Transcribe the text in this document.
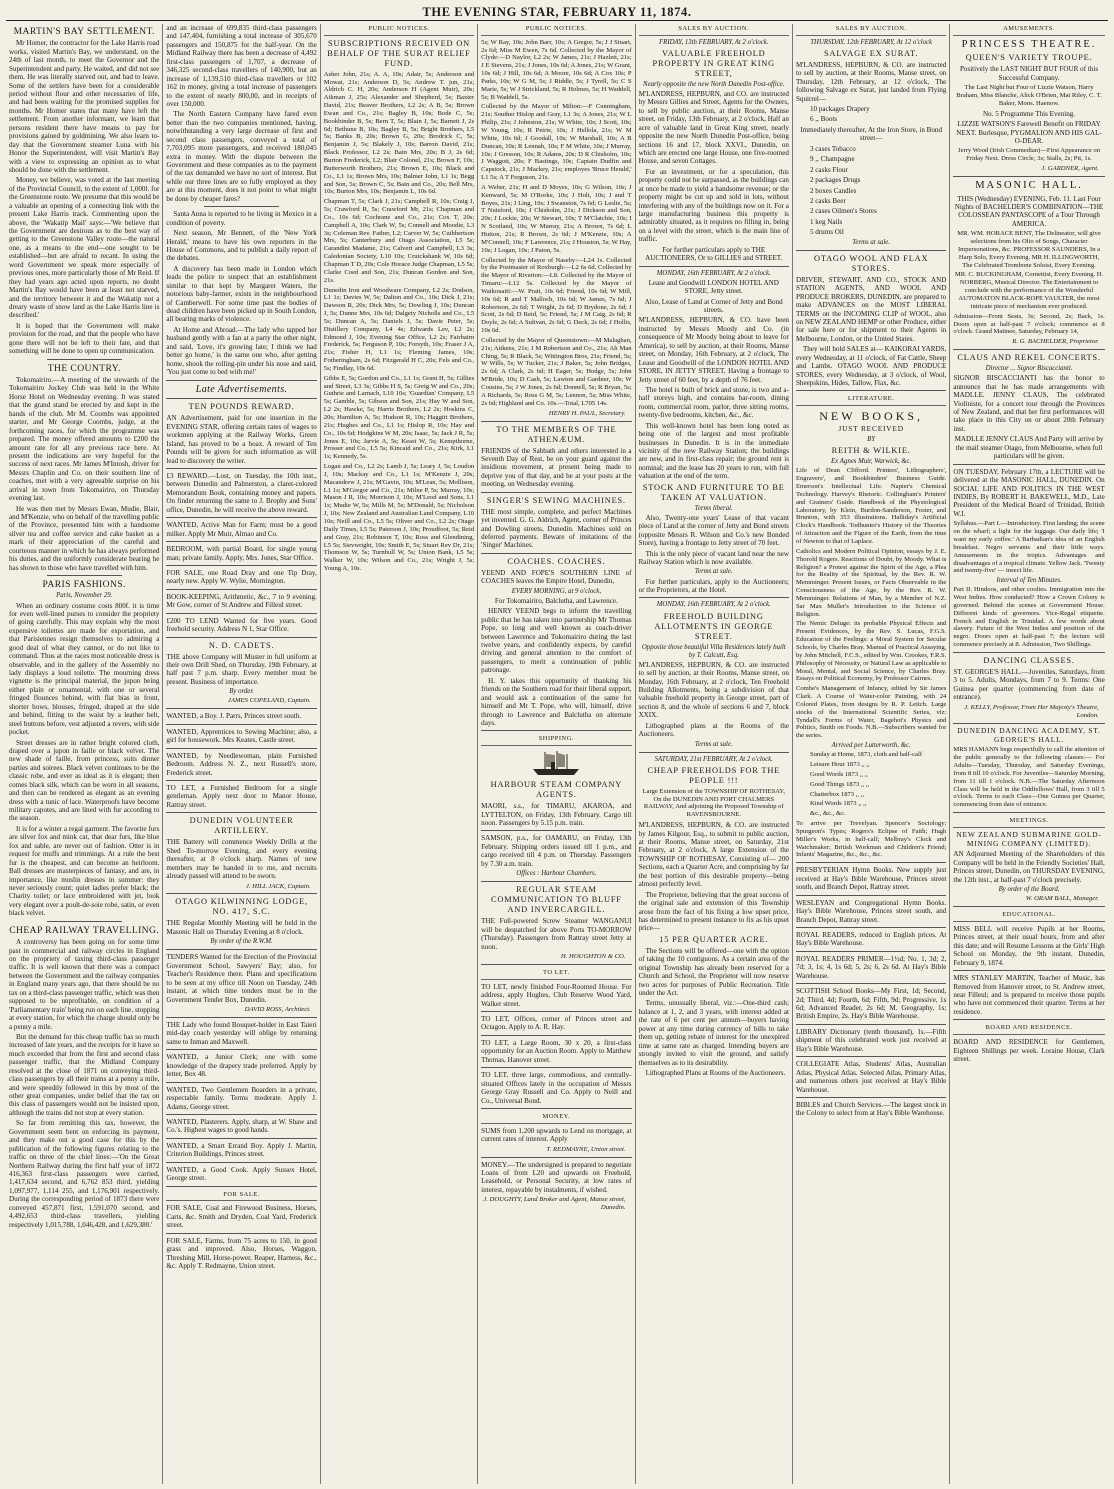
THE EVENING STAR, FEBRUARY 11, 1874.
MARTIN'S BAY SETTLEMENT.

Mr Homer, the contractor for the Lake Harris road works, visited Martin's Bay, we understand, on the 24th of last month, to meet the Governor and the Superintendent and party. He waited, and did not see them. He was literally starved out, and had to leave. Some of the settlers have been for a considerable period without flour and other necessaries of life, and had been waiting for the promised supplies for months. Mr Homer states that many have left the settlement. From another informant, we learn that persons resident there have means to pay for provisions gained by goldmining. We also learn to-day that the Government steamer Luna with his Honor the Superintendent, will visit Martin's Bay with a view to expressing an opinion as to what should be done with the settlement.

Money, we believe, was voted at the last meeting of the Provincial Council, to the extent of 1,000l. for the Greenstone route. We presume that this would be a valuable an opening of a connecting link with the present Lake Harris track. Commenting upon the above, the 'Wakatip Mail' says:—'We believe that the Government are desirous as to the best way of getting to the Greenstone Valley route—the natural one, as a means to the end—one sought to be established—but are afraid to recant. In using the word Government we speak more especially of previous ones, more particularly those of Mr Reid. If they had years ago acted upon reports, no doubt Martin's Bay would have been at least not starved, and the territory between it and the Wakatip not a dreary waste of snow land as the Lake Harris line is described.'

It is hoped that the Government will make provision for the road, and that the people who have gone there will not be left to their fate, and that something will be done to open up communication.

THE COUNTRY.

Tokomairiro.—A meeting of the stewards of the Tokomairiro Jockey Club was held in the White Horse Hotel on Wednesday evening. It was stated that the grand stand be erected by and kept in the hands of the club. Mr M. Coombs was appointed starter, and Mr George Coombs, judge, at the forthcoming races, for which the programme was prepared. The money offered amounts to £200 the amount rate for all any previous race here. At present the indications are very hopeful for the success of next races. Mr James M'Intosh, driver for Messrs Chaplin and Co. on their southern line of coaches, met with a very agreeable surprise on his arrival in town from Tokomairiro, on Thursday evening last.

He was then met by Messrs Ewan, Mudie, Blair, and M'Kenzie, who on behalf of the travelling public of the Province, presented him with a handsome silver tea and coffee service and cake basket as a mark of their appreciation of the careful and courteous manner in which he has always performed his duties, and the uniformly considerate bearing he has shown to those who have travelled with him.

PARIS FASHIONS.
Paris, November 29.

When an ordinary costume costs 800f. it is time for even well-lined purses to consider the propriety of going carefully. This may explain why the most expensive toilettes are made for exportation, and that Parisiennes resign themselves to admiring a good deal of what they cannot, or do not like to command. Thus at the races most noticeable dress is observable, and in the gallery of the Assembly no lady displays a loud toilette. The mourning dress vignette is the principal material, the jupon being either plain or ornamental, with one or several fringed flounces behind, with flat bias in front, shorter bows, blouses, fringed, draped at the side and behind, fitting to the waist by a leather belt, steel buttons before, vest adjusted a revers, with side pocket.

Street dresses are in rather bright colored cloth, draped over a jupon in faille or black velvet. The new shade of faille, from princess, suits dinner parties and soirees. Black velvet continues to be the classic robe, and ever as ideal as it is elegant; then comes black silk, which can be worn in all seasons, and then can be rendered as elegant as an evening dress with a tunic of lace. Waterproofs have become military capotes, and are lined with fur according to the season.

It is for a winter a regal garment. The favorite furs are silver fox and mink cat, that dear furs, like blue fox and sable, are never out of fashion. Otter is in request for muffs and trimmings. At a rule the best fur is the cheapest, and can become an heirloom. Ball dresses are masterpieces of fantasy, and are, in importance, like muslin dresses in summer: they never seriously count; quiet ladies prefer black; the Charity toilet; or lace embroidered with jet, look very elegant over a poult-de-soie robe, satin, or even black velvet.

CHEAP RAILWAY TRAVELLING.

A controversy has been going on for some time past in commercial and railway circles in England on the propriety of taxing third-class passenger traffic. It is well known that there was a compact between the Government and the railway companies in England many years ago, that there should be no tax on a third-class passenger traffic, which was then supposed to be unprofitable, on condition of a 'Parliamentary train' being run on each line, stopping at every station, for which the charge should only be a penny a mile.

But the demand for this cheap traffic has so much increased of late years, and the receipts for it have so much exceeded that from the first and second class passenger traffic, that the Midland Company resolved at the close of 1871 on conveying third-class passengers by all their trains at a penny a mile, and were speedily followed in this by most of the other great companies, under belief that the tax on this class of passengers would not be insisted upon, although the trains did not stop at every station.

So far from remitting this tax, however, the Government seem bent on enforcing its payment, and they make out a good case for this by the publication of the following figures relating to the traffic on three of the chief lines:—'On the Great Northern Railway during the first half year of 1872 416,363 first-class passengers were carried, 1,417,634 second, and 6,762 853 third, yielding 1,097,977, 1,114 255, and 1,176,901 respectively. During the corresponding period of 1873 there were conveyed 457,871 first, 1,591,070 second, and 4,492,653 third-class travellers, yielding respectively 1,015,788, 1,046,428, and 1,629,380.'

and an increase of 699,835 third-class passengers and 147,404, furnishing a total increase of 305,670 passengers and 150,875 for the half-year. On the Midland Railway there has been a decrease of 4,492 first-class passengers of 1,707, a decrease of 346,325 second-class travellers of 140,900, but an increase of 1,139,510 third-class travellers or 102 162 in money, giving a total increase of passengers to the extent of nearly 800,00, and in receipts of over 150,000.

The North Eastern Company have fared even better than the two companies mentioned, having, notwithstanding a very large decrease of first and second class passengers, conveyed a total of 7,703,095 more passengers, and received 180,045 extra in money. With the dispute between the Government and these companies as to the payment of the tax demanded we have no sort of interest. But while our three lines are so fully employed as they are at this moment, does it not point to what might be done by cheaper fares?

Santa Anna is reported to be living in Mexico in a condition of poverty.

Next season, Mr Bennett, of the 'New York Herald,' means to have his own reporters in the House of Commons, and to publish a daily report of the debates.

A discovery has been made in London which leads the police to suspect that an establishment similar to that kept by Margaret Waters, the notorious baby-farmer, exists in the neighbourhood of Camberwell. For some time past the bodies of dead children have been picked up in South London, all bearing marks of violence.

At Home and Abroad.—The lady who tapped her husband gently with a fan at a party the other night, and said, 'Love, it's growing late; I think we had better go home,' is the same one who, after getting home, shook the rolling-pin under his nose and said, 'You just come to bed with me!'

Late Advertisements.
TEN POUNDS REWARD.

AN Advertisement, paid for one insertion in the EVENING STAR, offering certain rates of wages to workmen applying at the Railway Works, Green Island, has proved to be a hoax. A reward of Ten Pounds will be given for such information as will lead to discovery the writer.

£3 REWARD.—Lost, on Tuesday, the 10th inst., between Dunedin and Palmerston, a claret-colored Memorandum Book, containing money and papers. On finder returning the same to J. Brophy and Sons' office, Dunedin, he will receive the above reward.

WANTED, Active Man for Farm; must be a good milker. Apply Mr Muir, Almao and Co.

BEDROOM, with partial Board, for single young man; private family. Apply, Mrs. Jones, Star Office.

FOR SALE, one Road Dray and one Tip Dray, nearly new. Apply W. Wylie, Mornington.

BOOK-KEEPING, Arithmetic, &c., 7 to 9 evening. Mr Gow, corner of St Andrew and Filleul street.

£200 TO LEND Wanted for five years. Good freehold security. Address N 1, Star Office.

N. D. CADETS.

THE above Company will Muster in full uniform at their own Drill Shed, on Thursday, 19th February, at half past 7 p.m. sharp. Every member must be present. Business of importance.

By order.
JAMES COPELAND, Captain.

WANTED, a Boy. J. Parrs, Princes street south.

WANTED, Apprentices to Sewing Machine; also, a girl for housework. Mrs Keates, Castle street.

WANTED, by Needlewoman, plain Furnished Bedroom. Address N. Z., next Russell's store, Frederick street.

TO LET, a Furnished Bedroom for a single gentleman. Apply next door to Manor House, Rattray street.

DUNEDIN VOLUNTEER ARTILLERY.

THE Battery will commence Weekly Drills at the Shed To-morrow Evening, and every evening thereafter, at 8 o'clock sharp. Names of new members may be handed in to me, and recruits already passed will attend to be sworn.

J. HILL JACK, Captain.
OTAGO KILWINNING LODGE, NO. 417, S.C.

THE Regular Monthly Meeting will be held in the Masonic Hall on Thursday Evening at 8 o'clock.

By order of the R.W.M.

TENDERS Wanted for the Erection of the Provincial Government School, Sawyers' Bay; also, for Teacher's Residence there. Plans and specifications to be seen at my office till Noon on Tuesday, 24th instant, at which time tenders must be in the Government Tender Box, Dunedin.

DAVID ROSS, Architect.

THE Lady who found Bouquet-holder in East Taieri mid-day coach yesterday will oblige by returning same to Inman and Maxwell.

WANTED, a Junior Clerk; one with some knowledge of the drapery trade preferred. Apply by letter, Box 48.

WANTED, Two Gentlemen Boarders in a private, respectable family. Terms moderate. Apply J. Adams, George street.

WANTED, Plasterers. Apply, sharp, at W. Shaw and Co.'s. Highest wages to good hands.

WANTED, a Smart Errand Boy. Apply J. Martin, Criterion Buildings, Princes street.

WANTED, a Good Cook. Apply Sussex Hotel, George street.

FOR SALE.

FOR SALE, Coal and Firewood Business, Horses, Carts, &c. Smith and Dryden, Coal Yard, Frederick street.

FOR SALE, Farms, from 75 acres to 150, in good grass and improved. Also, Horses, Waggon, Threshing Mill, Horse-power, Reaper, Harness, &c., &c. Apply T. Redmayne, Union street.

PUBLIC NOTICES.
SUBSCRIPTIONS RECEIVED ON BEHALF OF THE SURAT RELIEF FUND.

Asher John, 21s; A. A, 10s; Adair, 5s; Anderson and Mowat, 21s; Anderson D, 5s; Andrew T. jun, 21s; Aldrich C. H, 20s; Anderson H (Agent Muir), 20s; Aikman J, 25s; Alexander and Shepherd, 5s; Baxter David, 21s; Beaver Brothers, L2 2s; A B, 5s; Brown Ewan and Co., 21s; Bagley B, 10s; Bode C, 5s; Bookbinder B, 5s; Bern T, 5s; Blain J, 5s; Barnett J, 2s 6d; Bethune B, 10s; Bagley B, 5s; Bright Brothers, L5 5s; Banks B, 20s; Brown G, 20s; Brodrick C, 5s; Benjamin J, 5s; Blakely J, 10s; Barron David, 21s; Black Professor, L2 2s; Bain Mrs, 20s; B J, 2s 6d; Burton Frederick, L2; Blair Colonel, 21s; Brown F, 10s; Butterworth Brothers, 21s; Brown E, 10s; Black and Co., L1 1s; Brown Mrs, 10s; Balmer John, L1 1s; Begg and Son, 5s; Brown C, 5s; Bain and Co., 20s; Bell Mrs, 10s; Burton Mrs, 10s; Benjamin L, 10s 6d.

Chapman T, 5s; Clark J, 21s; Campbell R, 10s; Craig J, 5s; Crawford R, 5s; Crawford Mr, 21s; Chapman and Co., 10s 6d; Cochrane and Co., 21s; Cox T, 20s; Campbell A, 10s; Clark W, 5s; Connell and Moodie, L3 3s; Coleman Rev. Father, L2; Carver W, 5s; Cuthbertson Mrs, 5s; Canterbury and Otago Association, L5 5s; Carandini Madame, 21s; Calvert and Campbell, L3 3s; Caledonian Society, L10 10s; Cruickshank W, 10s 6d; Chapman T D, 20s; Cole Horace Judge Chapman, L5 5s; Clarke Coed and Son, 21s; Duncan Gordon and Son, 21s.

Dunedin Iron and Woodware Company, L2 2s; Dodson, L1 1s; Davies W, 5s; Dalton and Co., 10s; Dick J, 21s; Dawson R, 20s; Dick Mrs, 5s; Dowling J, 10s; Duncan J, 5s; Dunne Mrs, 10s 6d; Dalgety Nicholls and Co., L5 5s; Duncan A, 5s; Daniels J, 5s; Davie Peter, 5s; Distillery Company, L4 4s; Edwards Lev, L2 2s; Edmond J, 10s; Evening Star Office, L2 2s; Fairbairn Frederick, 5s; Ferguson P, 10s; Forsyth, 10s; Fraser J A, 21s; Fisher H, L1 1s; Fleming James, 10s; Fotheringham, 2s 6d; Fitzgerald H C, 20s; Fels and Co., 5s; Findlay, 10s 6d.

Gibbs E, 5s; Gordon and Co., L1 1s; Grant H, 5s; Gillies and Street, L3 3s; Gibbs H S, 5s; Greig W and Co., 20s; Guthrie and Larnach, L10 10s; 'Guardian' Company, L5 5s; Gamble, 5s; Gibson and Son, 21s; Hay W and Son, L2 2s; Hawke, 5s; Harris Brothers, L2 2s; Hoskins C, 20s; Hamilton A, 5s; Hudson R, 10s; Haggitt Brothers, 21s; Hughes and Co., L1 1s; Hislop R, 10s; Hay and Co., 10s 6d; Hodgkins W M, 20s; Isaac, 5s; Jack J R, 5s; Jones E, 10s; Jarvie A, 5s; Keast W, 5s; Kempthorne, Prosser and Co., L5 5s; Kincaid and Co., 21s; Kirk, L1 1s; Kennedy, 5s.

Logan and Co., L2 2s; Lamb J, 5s; Leary J, 5s; Loudon J, 10s; Mackay and Co., L1 1s; M'Kenzie J, 20s; Macandrew J, 21s; M'Gavin, 10s; M'Lean, 5s; Mollison, L1 1s; M'Gregor and Co., 21s; Milne P, 5s; Murray, 10s; Mason J R, 10s; Morrison J, 10s; M'Leod and Sons, L1 1s; Mudie W, 5s; Mills M, 5s; M'Donald, 5s; Nicholson J, 10s; New Zealand and Australian Land Company, L10 10s; Neill and Co., L5 5s; Oliver and Co., L2 2s; Otago Daily Times, L5 5s; Paterson J, 10s; Proudfoot, 5s; Reid and Gray, 21s; Robinson T, 10s; Ross and Glendining, L5 5s; Sievwright, 10s; Smith E, 5s; Stuart Rev Dr, 21s; Thomson W, 5s; Turnbull W, 5s; Union Bank, L5 5s; Walker W, 10s; Wilson and Co., 21s; Wright J, 5s; Young A, 10s.

PUBLIC NOTICES.

5s; W Ray, 10s; John Barr, 10s; A Gregor, 5s; J J Stuart, 2s 6d; Miss M Ewen, 7s 6d. Collected by the Mayor of Clyde:—D Naylor, L2 2s; W James, 21s; J Hazlett, 21s; J E Stevens, 21s; J Jones, 10s 6d; A Jones, 21s; W Grant, 10s 6d; J Hill, 10s 6d; A Moore, 10s 6d; A Cox 10s; P Parks, 10s; W G M, 5s; J Riddle, 5s; J Tyrell, 5s; C S Marie, 5s; W J Strickland, 5s; R Holmes, 5s; H Waddell, 5s; B Waddell, 5s.

Collected by the Mayor of Milton:—F Cunningham, 21s; Souther Hislop and Gray, L1 3s; A Jones, 21s; W L Philip, 21s; J Johnston, 21s; W White, 10s; J Scott, 10s; W Young, 10s; R Petrie, 10s; J Hellola, 21s; W M White, 10s 6d; J Goodall, 10s; W Marshall, 10s; A B Duncan, 10s; R Lennah, 10s; F M White, 10s; J Murray, 10s; J Gresson, 10s; R Adams, 20s; D R Chisholm, 10s; J Waggott, 20s; F Bastings, 10s; Captain Dudfin and Capstock, 21s; J Mackey, 21s; employes 'Bruce Herald,' L1 5s; A T Ferguson, 21s.

A Weber, 21s; H and D Moyes, 10s; G Wilson, 10s; J Kenward, 5s; M O'Rorke, 10s; J Holt, 10s; J and T Boyes, 21s; J Ling, 10s; J Swanston, 7s 6d; G Leslie, 5s; T Nutsford, 10s; J Chisholm, 21s; J Dickson and Son, 20s; J Lockie, 20s; W Stewart, 10s; T M'Clatchie, 10s; I N Scotland, 10s; W Murray, 21s; A Brown, 7s 6d; L Hutton, 21s; R Brown, 2s 6d; J M'Kenzie, 10s; A M'Connell, 10s; F Lawrence, 21s; J Houston, 5s; W Hay, 10s; J Logan, 10s; J Paton, 5s.

Collected by the Mayor of Naseby:—L24 1s. Collected by the Postmaster of Roxburgh:—L2 6s 6d. Collected by the Mayor of Riverton:—L8. Collected by the Mayor of Timaru:—L12 5s. Collected by the Mayor of Waikouaiti:—W. Pratt, 10s 6d; Friend, 10s 6d; W Mill, 10s 6d; R and T Malloch, 10s 6d; W James, 7s 6d; J Robertson, 2s 6d; T Wright, 2s 6d; D Brydone, 2s 6d; J Scott, 2s 6d; D Reid, 5s; Friend, 5s; J M Caig, 2s 6d; R Doyle, 2s 6d; A Sulivan, 2s 6d; G Deck, 2s 6d; J Hollis, 10s 6d.

Collected by the Mayor of Queenstown:—M Malaghan, 21s; Aitkens, 21s; J M Robertson and Co., 21s; Ah Man Ching, 5s; R Black, 5s; Wittington Bros, 21s; Friend, 5s; W Wills, 5s; W Tucker, 21s; J Baker, 5s; John Bridges, 2s 6d; A Clark, 2s 6d; H Eager, 5s; Hodge, 5s; John M'Bride, 10s; D Cash, 5s; Lawton and Gardner, 10s; W Cousins, 5s; J W Jones, 2s 6d; Donnell, 5s; R Bryan, 5s; A Richards, 5s; Ross G M, 5s; Lennon, 5s; Miss White, 2s 6d; Highland and Co. 10s.—Total, L705 14s.

HENRY H. PAUL, Secretary.
TO THE MEMBERS OF THE ATHENÆUM.

FRIENDS of the Sabbath and others interested in a Seventh Day of Rest, be on your guard against the insidious movement, at present being made to deprive you of that day, and be at your posts at the meeting, on Wednesday evening.

SINGER'S SEWING MACHINES.

THE most simple, complete, and perfect Machines yet invented. G. G. Aldrich, Agent, corner of Princes and Dowling streets, Dunedin. Machines sold on deferred payments. Beware of imitations of the 'Singer' Machines.

COACHES. COACHES.

YEEND AND FOPE'S SOUTHERN LINE of COACHES leaves the Empire Hotel, Dunedin,

EVERY MORNING, at 9 o'clock,

For Tokomairiro, Balclutha, and Lawrence.

HENRY YEEND begs to inform the travelling public that he has taken into partnership Mr Thomas Pope, so long and well known as coach-driver between Lawrence and Tokomairiro during the last twelve years, and confidently expects, by careful driving and general attention to the comfort of passengers, to merit a continuation of public patronage.

H. Y. takes this opportunity of thanking his friends on the Southern road for their liberal support, and would ask a continuation of the same for himself and Mr T. Pope, who will, himself, drive through to Lawrence and Balclutha on alternate days.

SHIPPING.
HARBOUR STEAM COMPANY AGENTS.

MAORI, s.s., for TIMARU, AKAROA, and LYTTELTON, on Friday, 13th February. Cargo till noon. Passengers by 5.15 p.m. train.

SAMSON, p.s., for OAMARU, on Friday, 13th February. Shipping orders issued till 1 p.m., and cargo received till 4 p.m. on Thursday. Passengers by 7.30 a.m. train.

Offices : Harbour Chambers.
REGULAR STEAM COMMUNICATION TO BLUFF AND INVERCARGILL.

THE Full-powered Screw Steamer WANGANUI will be despatched for above Ports TO-MORROW (Thursday). Passengers from Rattray street Jetty at noon.

H. HOUGHTON & CO.
TO LET.

TO LET, newly finished Four-Roomed House. For address, apply Hughes, Club Reserve Wood Yard, Walker street.

TO LET, Offices, corner of Princes street and Octagon. Apply to A. R. Hay.

TO LET, a Large Room, 30 x 20, a first-class opportunity for an Auction Room. Apply to Matthew Thomas, Hanover street.

TO LET, three large, commodious, and centrally-situated Offices lately in the occupation of Messrs George Gray Russell and Co. Apply to Neill and Co., Universal Bond.

MONEY.

SUMS from 1,200 upwards to Lend on mortgage, at current rates of interest. Apply

T. REDMAYNE, Union street.

MONEY.—The undersigned is prepared to negotiate Loans of from L20 and upwards on Freehold, Leasehold, or Personal Security, at low rates of interest, repayable by instalments, if wished.

J. DOUGHTY, Land Broker and Agent, Manse street, Dunedin.
SALES BY AUCTION.
FRIDAY, 13th FEBRUARY, At 2 o'clock.
VALUABLE FREEHOLD PROPERTY IN GREAT KING STREET,
Nearly opposite the new North Dunedin Post-office.

M'LANDRESS, HEPBURN, and CO. are instructed by Messrs Gillies and Street, Agents for the Owners, to sell by public auction, at their Rooms, Manse street, on Friday, 13th February, at 2 o'clock, Half an acre of valuable land in Great King street, nearly opposite the new North Dunedin Post-office, being sections 16 and 17, block XXVI., Dunedin, on which are erected one large House, one five-roomed House, and seven Cottages.

For an investment, or for a speculation, this property could not be surpassed, as the buildings can at once be made to yield a handsome revenue; or the property might be cut up and sold in lots, without interfering with any of the buildings now on it. For a large manufacturing business this property is admirably situated, as it requires no filling in, being on a level with the street, which is the main line of traffic.

For further particulars apply to THE AUCTIONEERS, Or to GILLIES and STREET.

MONDAY, 16th FEBRUARY, At 2 o'clock.

Lease and Goodwill LONDON HOTEL AND STORE, Jetty street.

Also, Lease of Land at Corner of Jetty and Bond streets.

M'LANDRESS, HEPBURN, & CO. have been instructed by Messrs Moody and Co. (in consequence of Mr Moody being about to leave for America), to sell by auction, at their Rooms, Manse street, on Monday, 16th February, at 2 o'clock, The Lease and Goodwill of the LONDON HOTEL AND STORE, IN JETTY STREET, Having a frontage to Jetty street of 60 feet, by a depth of 76 feet.

The hotel is built of brick and stone, is two and a-half storeys high, and contains bar-room, dining room, commercial room, parlor, three sitting rooms, twenty-five bedrooms, kitchen, &c., &c.

This well-known hotel has been long noted as being one of the largest and most profitable businesses in Dunedin. It is in the immediate vicinity of the new Railway Station; the buildings are new, and in first-class repair; the ground rent is nominal; and the lease has 20 years to run, with full valuation at the end of the term.

STOCK AND FURNITURE TO BE TAKEN AT VALUATION.
Terms liberal.

Also, Twenty-one years' Lease of that vacant piece of Land at the corner of Jetty and Bond streets (opposite Messrs R. Wilson and Co.'s new Bonded Store), having a frontage to Jetty street of 70 feet.

This is the only piece of vacant land near the new Railway Station which is now available.

Terms at sale.

For further particulars, apply to the Auctioneers; or the Proprietors, at the Hotel.

MONDAY, 16th FEBRUARY, At 2 o'clock.
FREEHOLD BUILDING ALLOTMENTS IN GEORGE STREET.
Opposite those beautiful Villa Residences lately built by T. Calcutt, Esq.

M'LANDRESS, HEPBURN, & CO. are instructed to sell by auction, at their Rooms, Manse street, on Monday, 16th February, at 2 o'clock, Ten Freehold Building Allotments, being a subdivision of that valuable freehold property in George street, part of section 8, and the whole of sections 6 and 7, block XXIX.

Lithographed plans at the Rooms of the Auctioneers.

Terms at sale.
SATURDAY, 21st FEBRUARY, At 2 o'clock.
CHEAP FREEHOLDS FOR THE PEOPLE !!!

Large Extension of the TOWNSHIP OF ROTHESAY, On the DUNEDIN AND PORT CHALMERS RAILWAY, And adjoining the Proposed Township of RAVENSBOURNE.

M'LANDRESS, HEPBURN, & CO. are instructed by James Kilgour, Esq., to submit to public auction, at their Rooms, Manse street, on Saturday, 21st February, at 2 o'clock, A large Extension of the TOWNSHIP OF ROTHESAY, Consisting of— 200 Sections, each a Quarter Acre, and comprising by far the best portion of this desirable property—being almost perfectly level.

The Proprietor, believing that the great success of the original sale and extension of this Township arose from the fact of his fixing a low upset price, has determined to present instance to fix as his upset price—

15 PER QUARTER ACRE.

The Sections will be offered—one with the option of taking the 10 contiguous. As a certain area of the original Township has already been reserved for a Church and School, the Proprietor will now reserve two acres for purposes of Public Recreation. Title under the Act.

Terms, unusually liberal, viz.:—One-third cash; balance at 1, 2, and 3 years, with interest added at the rate of 6 per cent per annum—buyers having power at any time during currency of bills to take them up, getting rebate of interest for the unexpired time at same rate as charged. Intending buyers are strongly invited to visit the ground, and satisfy themselves as to its desirability.

Lithographed Plans at Rooms of the Auctioneers.

SALES BY AUCTION.
THURSDAY, 12th FEBRUARY, At 12 o'clock
SALVAGE EX SURAT.

M'LANDRESS, HEPBURN, & CO. are instructed to sell by auction, at their Rooms, Manse street, on Thursday, 12th February, at 12 o'clock, The following Salvage ex Surat, just landed from Flying Squirrel—

10 packages Drapery

6 ,, Boots

Immediately thereafter, At the Iron Store, in Bond street—

3 cases Tobacco

9 ,, Champagne

2 casks Flour

2 packages Drugs

2 boxes Candles

2 casks Beer

2 cases Oilmen's Stores

1 keg Nails

5 drums Oil

Terms at sale.
OTAGO WOOL AND FLAX STORES.

DRIVER, STEWART, AND CO., STOCK AND STATION AGENTS, AND WOOL AND PRODUCE BROKERS, DUNEDIN, are prepared to make ADVANCES on the MOST LIBERAL TERMS on the INCOMING CLIP of WOOL, also on NEW ZEALAND HEMP or other Produce, either for sale here or for shipment to their Agents in Melbourne, London, or the United States.

They will hold SALES at— KAIKORAI YARDS, every Wednesday, at 11 o'clock, of Fat Cattle, Sheep and Lambs. OTAGO WOOL AND PRODUCE STORES, every Wednesday, at 3 o'clock, of Wool, Sheepskins, Hides, Tallow, Flax, &c.

LITERATURE.
NEW BOOKS,
JUST RECEIVED
BY
REITH & WILKIE.
Ex Agnes Muir, Warwick, &c.

Life of Dean Clifford. Printers', Lithographers', Engravers', and Bookbinders' Business Guide. Emerson's Intellectual Life. Napier's Chemical Technology. Harvey's Rhetoric. Collingham's Printers' and Grainers' Guide. Handbook of the Physiological Laboratory, by Klein, Burdon-Sanderson, Foster, and Brunton, with 353 illustrations. Halliday's Artificial Clock's Handbook. Todhunter's History of the Theories of Attraction and the Figure of the Earth, from the time of Newton to that of Laplace.

Catholics and Modern Political Opinion, essays by J. E. Thorold Rogers. Reactions of Doubt, by Moody. What is Religion? a Protest against the Spirit of the Age, a Plea for the Reality of the Spiritual, by the Rev. R. W. Memminger. Present Issues, or Facts Observable in the Consciousness of the Age, by the Rev. R. W. Memminger. Relations of Man, by a Member of N.Z. Sar Max Muller's Introduction to the Science of Religion.

The Nemic Deluge: its probable Physical Effects and Present Evidences, by the Rev. S. Lucas, F.G.S. Education of the Feelings: a Moral System for Secular Schools, by Charles Bray. Manual of Practical Assaying, by John Mitchell, F.C.S., edited by Wm. Crookes, F.R.S. Philosophy of Necessity, or Natural Law as applicable to Moral, Mental, and Social Science, by Charles Bray. Essays on Political Economy, by Professor Cairnes.

Combe's Management of Infancy, edited by Sir James Clark. A Course of Water-color Painting, with 24 Colored Plates, from designs by R. P. Leitch. Large stocks of the International Scientific Series, viz: Tyndall's Forms of Water, Bagehot's Physics and Politics, Smith on Foods. N.B.—Subscribers wanted for the series.

Arrived per Lutterworth, &c.

Sunday at Home, 1873, cloth and half-calf

Leisure Hour 1873 ,, ,,

Good Words 1873 ,, ,,

Good Things 1873 ,, ,,

Chatterbox 1873 ,, ,,

Kind Words 1873 ,, ,,

&c., &c., &c.

To arrive per Trevelyan. Spencer's Sociology; Spurgeon's Types; Rogers's Eclipse of Faith; Hugh Miller's Works, in half-calf; Melbray's Clock and Watchmaker; British Workman and Children's Friend; Infants' Magazine, &c., &c., &c.

PRESBYTERIAN Hymn Books. New supply just received at Hay's Bible Warehouse, Princes street south, and Branch Depot, Rattray street.

WESLEYAN and Congregational Hymn Books. Hay's Bible Warehouse, Princes street south, and Branch Depot, Rattray street.

ROYAL READERS, reduced to English prices. At Hay's Bible Warehouse.

ROYAL READERS PRIMER—1½d; No. 1, 3d; 2, 7d; 3, 1s; 4, 1s 6d; 5, 2s; 6, 2s 6d. At Hay's Bible Warehouse.

SCOTTISH School Books—My First, 1d; Second, 2d; Third, 4d; Fourth, 6d; Fifth, 9d; Progressive, 1s 6d; Advanced Reader, 2s 6d; M. Geography, 1s; British Empire, 2s. Hay's Bible Warehouse.

LIBRARY Dictionary (tenth thousand), 1s.—Fifth shipment of this celebrated work just received at Hay's Bible Warehouse.

COLLEGIATE Atlas, Students' Atlas, Australian Atlas, Physical Atlas. Selected Atlas, Primary Atlas, and numerous others just received at Hay's Bible Warehouse.

BIBLES and Church Services.—The largest stock in the Colony to select from at Hay's Bible Warehouse.

AMUSEMENTS.
PRINCESS THEATRE.
QUEEN'S VARIETY TROUPE.

Positively the LAST NIGHT BUT FOUR of this Successful Company.

The Last Night but Four of Lizzie Watson, Harry Braham, Miss Blanche, Alick O'Brien, Mat Riley, C. T. Baker, Mons. Haenow.

No. 5 Programme This Evening.

LIZZIE WATSON'S Farewell Benefit on FRIDAY NEXT. Burlesque, PYGMALION AND HIS GAL-O-DEAR.

Jerry Wood (Irish Commedian)—First Appearance on Friday Next. Dress Circle, 3s; Stalls, 2s; Pit, 1s.

J. GARDNER, Agent.
MASONIC HALL.

THIS (Wednesday) EVENING, Feb. 11. Last Four Nights of BACHELDER'S COMBINATION—THE COLOSSEAN PANTASCOPE of a Tour Through AMERICA.

MR. WM. HORACE BENT, The Delineator, will give selections from his Olio of Songs, Character Impersonations, &c. PROFESSOR SAUNDERS, In a Harp Solo, Every Evening. MR H. ILLINGWORTH, The Celebrated Trombone Soloist, Every Evening.

MR. C. BUCKINGHAM, Cornettist, Every Evening. H. NORBERG, Musical Director. The Entertainment to conclude with the performance of the Wonderful AUTOMATON BLACK-ROPE VAULTER, the most intricate piece of mechanism ever produced.

Admission—Front Seats, 3s; Second, 2s; Back, 1s. Doors open at half-past 7 o'clock; commence at 8 o'clock. Grand Matinee, Saturday, February 14,

R. G. BACHELDER, Proprietor.
CLAUS AND REKEL CONCERTS.
Director ... Signor Biscaccianti.

SIGNOR BISCACCIANTI has the honor to announce that he has made arrangements with MADLLE. JENNY CLAUS, The celebrated Violiniste, for a concert tour through the Provinces of New Zealand, and that her first performances will take place in this City on or about 20th February inst.

MADLLE JENNY CLAUS And Party will arrive by the mail steamer Otago, from Melbourne, when full particulars will be given.

ON TUESDAY, February 17th, a LECTURE will be delivered at the MASONIC HALL, DUNEDIN. On SOCIAL LIFE AND POLITICS IN THE WEST INDIES, By ROBERT H. BAKEWELL, M.D., Late President of the Medical Board of Trinidad, British W.I.

Syllabus.—Part I.—Introductory. First landing; the scene on the wharf; a light for the luggage. Our daily life; 'I want my early coffee.' A Barbadian's idea of an English breakfast. Negro servants and their little ways. Amusements in the tropics. Advantages and disadvantages of a tropical climate. Yellow Jack. 'Twenty and twenty-five' — insect life.

Interval of Ten Minutes.

Part II. Hindoos, and other coolies. Immigration into the West Indies. How conducted? How a Crown Colony is governed. Behind the scenes at Government House. Different kinds of governors. Vice-Regal etiquette. French and English in Trinidad. A few words about slavery. Future of the West Indies and position of the negro. Doors open at half-past 7; the lecture will commence precisely at 8. Admission, Two Shillings.

DANCING CLASSES.

ST. GEORGE'S HALL.—Juveniles, Saturdays, from 3 to 5. Adults, Mondays, from 7 to 9. Terms: One Guinea per quarter (commencing from date of entrance).

J. KELLY, Professor, From Her Majesty's Theatre, London.
DUNEDIN DANCING ACADEMY, ST. GEORGE'S HALL.

MRS HAMANN begs respectfully to call the attention of the public generally to the following classes:— For Adults—Tuesday, Thursday, and Saturday Evenings, from 8 till 10 o'clock. For Juveniles—Saturday Morning, from 11 till 1 o'clock. N.B.—The Saturday Afternoon Class will be held in the Oddfellows' Hall, from 3 till 5 o'clock. Terms to each Class—One Guinea per Quarter, commencing from date of entrance.

MEETINGS.
NEW ZEALAND SUBMARINE GOLD-MINING COMPANY (LIMITED).

AN Adjourned Meeting of the Shareholders of this Company will be held in the Friendly Societies' Hall, Princes street, Dunedin, on THURSDAY EVENING, the 12th inst., at half-past 7 o'clock precisely.

By order of the Board,
W. ORAM BALL, Manager.
EDUCATIONAL.

MISS BELL will receive Pupils at her Rooms, Princes street, at their usual hours, from and after this date; and will Resume Lessons at the Girls' High School on Monday, the 9th instant. Dunedin, February 9, 1874.

MRS STANLEY MARTIN, Teacher of Music, has Removed from Hanover street, to St. Andrew street, near Filleul; and is prepared to receive those pupils who have not commenced their quarter. Terms at her residence.

BOARD AND RESIDENCE.

BOARD AND RESIDENCE for Gentlemen, Eighteen Shillings per week. Loraine House, Clark street.
